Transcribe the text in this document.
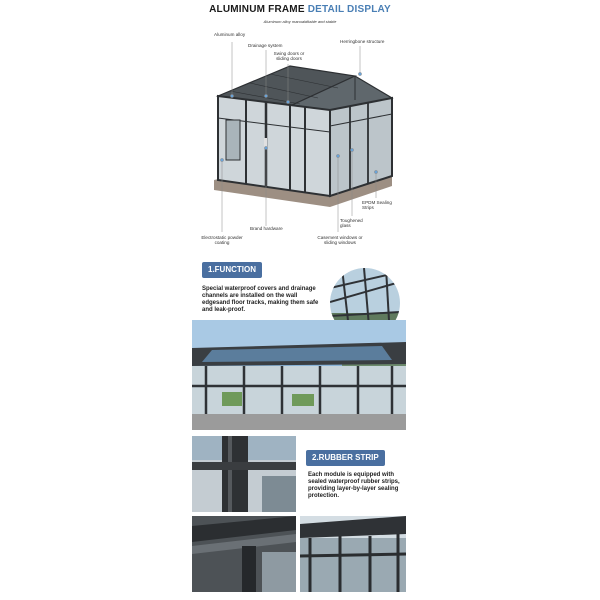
ALUMINUM FRAME DETAIL DISPLAY
Aluminum alloy manualditable and stable
Aluminum alloy
Drainage system
Swing doors or sliding doors
Herringbone structure
EPDM Sealing Strips
Toughened glass
Brand hardware
Casement windows or sliding windows
Electrostatic powder coating
1.FUNCTION
Special waterproof covers and drainage channels are installed on the wall edgesand floor tracks, making them safe and leak-proof.
2.RUBBER STRIP
Each module is equipped with sealed waterproof rubber strips, providing layer-by-layer sealing protection.
